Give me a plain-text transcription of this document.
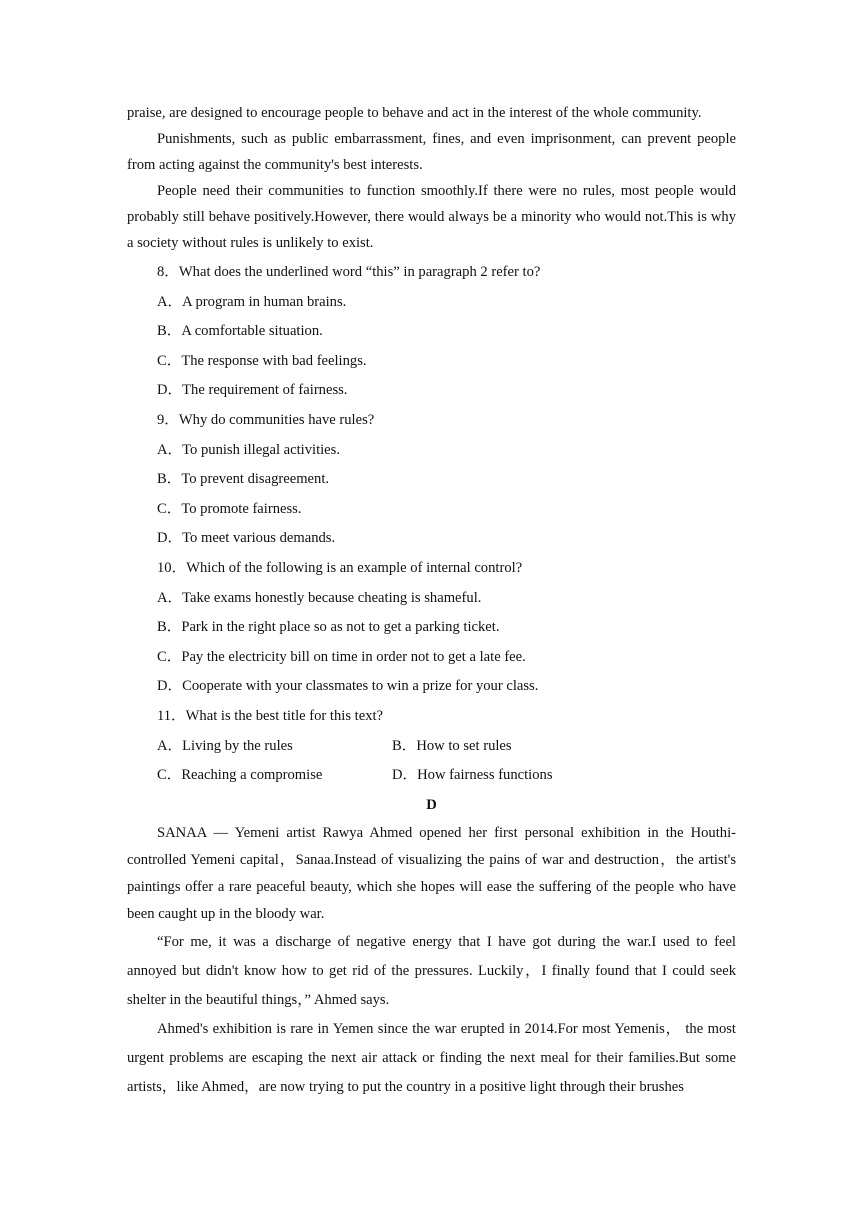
praise, are designed to encourage people to behave and act in the interest of the whole community.

Punishments, such as public embarrassment, fines, and even imprisonment, can prevent people from acting against the community's best interests.

People need their communities to function smoothly.If there were no rules, most people would probably still behave positively.However, there would always be a minority who would not.This is why a society without rules is unlikely to exist.

8．What does the underlined word “this” in paragraph 2 refer to?
A．A program in human brains.
B．A comfortable situation.
C．The response with bad feelings.
D．The requirement of fairness.
9．Why do communities have rules?
A．To punish illegal activities.
B．To prevent disagreement.
C．To promote fairness.
D．To meet various demands.
10．Which of the following is an example of internal control?
A．Take exams honestly because cheating is shameful.
B．Park in the right place so as not to get a parking ticket.
C．Pay the electricity bill on time in order not to get a late fee.
D．Cooperate with your classmates to win a prize for your class.
11．What is the best title for this text?
A．Living by the rules	B．How to set rules
C．Reaching a compromise	D．How fairness functions
D

SANAA — Yemeni artist Rawya Ahmed opened her first personal exhibition in the Houthi-controlled Yemeni capital，Sanaa.Instead of visualizing the pains of war and destruction，the artist's paintings offer a rare peaceful beauty, which she hopes will ease the suffering of the people who have been caught up in the bloody war.

“For me, it was a discharge of negative energy that I have got during the war.I used to feel annoyed but didn't know how to get rid of the pressures. Luckily，I finally found that I could seek shelter in the beautiful things，” Ahmed says.

Ahmed's exhibition is rare in Yemen since the war erupted in 2014.For most Yemenis， the most urgent problems are escaping the next air attack or finding the next meal for their families.But some artists，like Ahmed，are now trying to put the country in a positive light through their brushes
